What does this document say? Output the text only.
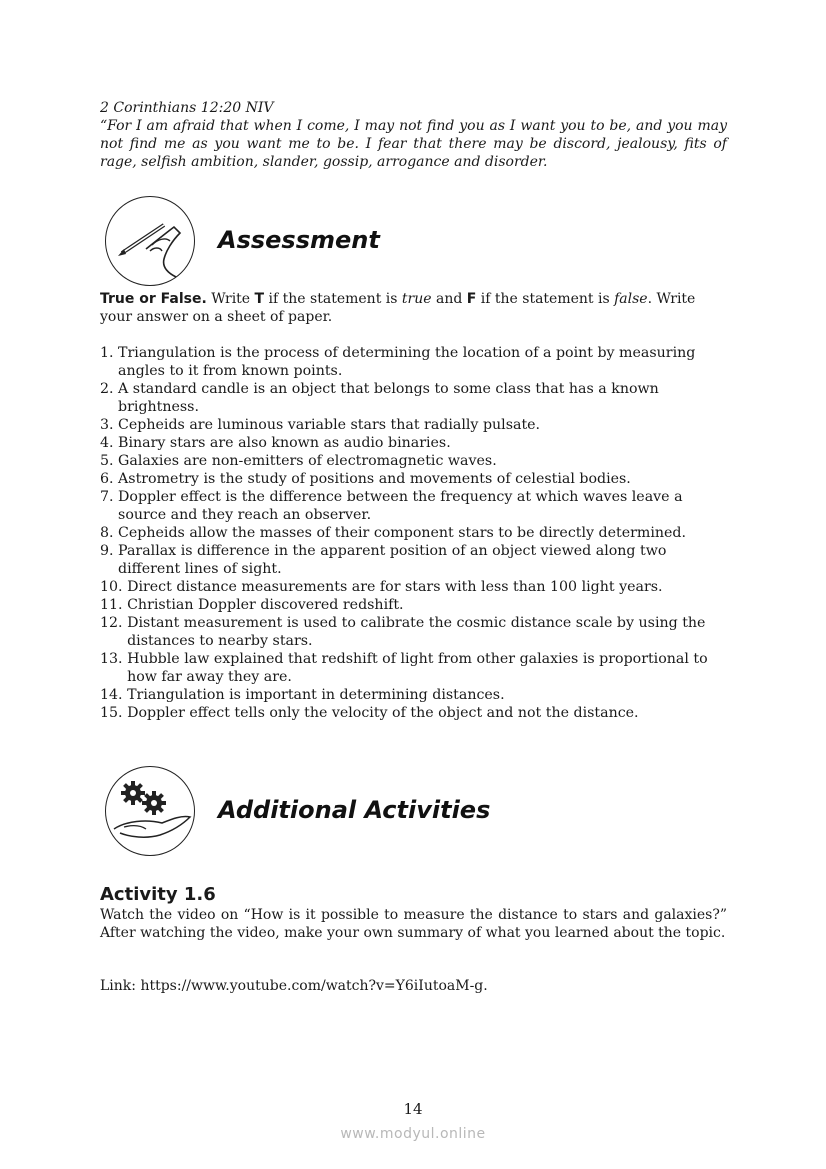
2 Corinthians 12:20 NIV

“For I am afraid that when I come, I may not find you as I want you to be, and you may not find me as you want me to be. I fear that there may be discord, jealousy, fits of rage, selfish ambition, slander, gossip, arrogance and disorder.

Assessment
True or False. Write T if the statement is true and F if the statement is false. Write your answer on a sheet of paper.
1. Triangulation is the process of determining the location of a point by measuring angles to it from known points.
2. A standard candle is an object that belongs to some class that has a known brightness.
3. Cepheids are luminous variable stars that radially pulsate.
4. Binary stars are also known as audio binaries.
5. Galaxies are non-emitters of electromagnetic waves.
6. Astrometry is the study of positions and movements of celestial bodies.
7. Doppler effect is the difference between the frequency at which waves leave a source and they reach an observer.
8. Cepheids allow the masses of their component stars to be directly determined.
9. Parallax is difference in the apparent position of an object viewed along two different lines of sight.
10. Direct distance measurements are for stars with less than 100 light years.
11. Christian Doppler discovered redshift.
12. Distant measurement is used to calibrate the cosmic distance scale by using the distances to nearby stars.
13. Hubble law explained that redshift of light from other galaxies is proportional to how far away they are.
14. Triangulation is important in determining distances.
15. Doppler effect tells only the velocity of the object and not the distance.
Additional Activities
Activity 1.6

Watch the video on “How is it possible to measure the distance to stars and galaxies?” After watching the video, make your own summary of what you learned about the topic.

Link: https://www.youtube.com/watch?v=Y6iIutoaM-g.

14
www.modyul.online
